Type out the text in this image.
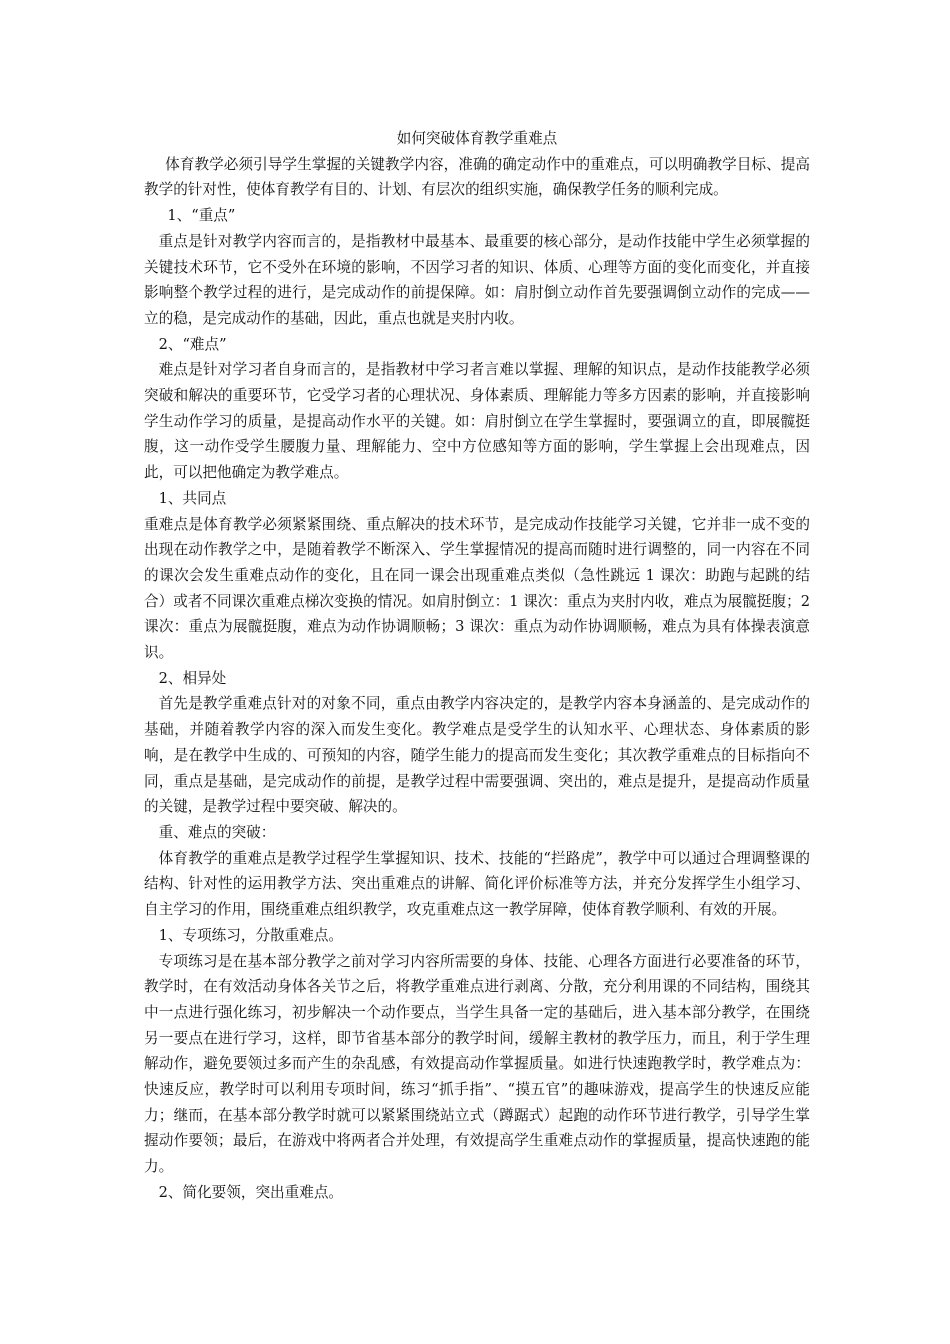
如何突破体育教学重难点

体育教学必须引导学生掌握的关键教学内容，准确的确定动作中的重难点，可以明确教学目标、提高教学的针对性，使体育教学有目的、计划、有层次的组织实施，确保教学任务的顺利完成。

1、“重点”

重点是针对教学内容而言的，是指教材中最基本、最重要的核心部分，是动作技能中学生必须掌握的关键技术环节，它不受外在环境的影响，不因学习者的知识、体质、心理等方面的变化而变化，并直接影响整个教学过程的进行，是完成动作的前提保障。如：肩肘倒立动作首先要强调倒立动作的完成——立的稳，是完成动作的基础，因此，重点也就是夹肘内收。

2、“难点”

难点是针对学习者自身而言的，是指教材中学习者言难以掌握、理解的知识点，是动作技能教学必须突破和解决的重要环节，它受学习者的心理状况、身体素质、理解能力等多方因素的影响，并直接影响学生动作学习的质量，是提高动作水平的关键。如：肩肘倒立在学生掌握时，要强调立的直，即展髋挺腹，这一动作受学生腰腹力量、理解能力、空中方位感知等方面的影响，学生掌握上会出现难点，因此，可以把他确定为教学难点。

1、共同点

重难点是体育教学必须紧紧围绕、重点解决的技术环节，是完成动作技能学习关键，它并非一成不变的出现在动作教学之中，是随着教学不断深入、学生掌握情况的提高而随时进行调整的，同一内容在不同的课次会发生重难点动作的变化，且在同一课会出现重难点类似（急性跳远 1 课次：助跑与起跳的结合）或者不同课次重难点梯次变换的情况。如肩肘倒立：1 课次：重点为夹肘内收，难点为展髋挺腹；2 课次：重点为展髋挺腹，难点为动作协调顺畅；3 课次：重点为动作协调顺畅，难点为具有体操表演意识。

2、相异处

首先是教学重难点针对的对象不同，重点由教学内容决定的，是教学内容本身涵盖的、是完成动作的基础，并随着教学内容的深入而发生变化。教学难点是受学生的认知水平、心理状态、身体素质的影响，是在教学中生成的、可预知的内容，随学生能力的提高而发生变化；其次教学重难点的目标指向不同，重点是基础，是完成动作的前提，是教学过程中需要强调、突出的，难点是提升，是提高动作质量的关键，是教学过程中要突破、解决的。

重、难点的突破：

体育教学的重难点是教学过程学生掌握知识、技术、技能的“拦路虎”，教学中可以通过合理调整课的结构、针对性的运用教学方法、突出重难点的讲解、简化评价标准等方法，并充分发挥学生小组学习、自主学习的作用，围绕重难点组织教学，攻克重难点这一教学屏障，使体育教学顺利、有效的开展。

1、专项练习，分散重难点。

专项练习是在基本部分教学之前对学习内容所需要的身体、技能、心理各方面进行必要准备的环节，教学时，在有效活动身体各关节之后，将教学重难点进行剥离、分散，充分利用课的不同结构，围绕其中一点进行强化练习，初步解决一个动作要点，当学生具备一定的基础后，进入基本部分教学，在围绕另一要点在进行学习，这样，即节省基本部分的教学时间，缓解主教材的教学压力，而且，利于学生理解动作，避免要领过多而产生的杂乱感，有效提高动作掌握质量。如进行快速跑教学时，教学难点为：快速反应，教学时可以利用专项时间，练习“抓手指”、“摸五官”的趣味游戏，提高学生的快速反应能力；继而，在基本部分教学时就可以紧紧围绕站立式（蹲踞式）起跑的动作环节进行教学，引导学生掌握动作要领；最后，在游戏中将两者合并处理，有效提高学生重难点动作的掌握质量，提高快速跑的能力。

2、简化要领，突出重难点。
